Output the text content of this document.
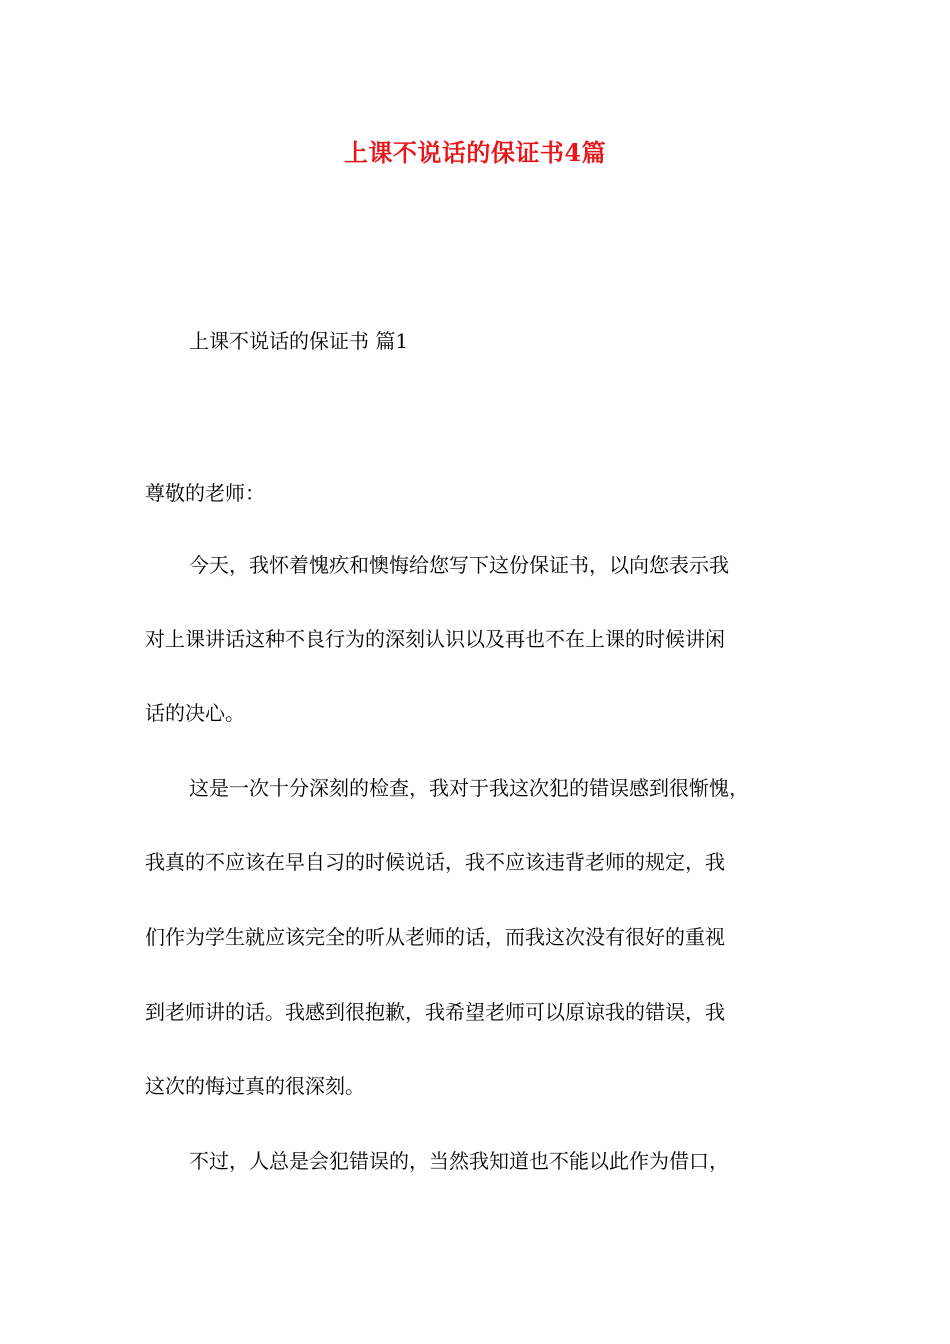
上课不说话的保证书4篇
上课不说话的保证书 篇1
尊敬的老师：
今天，我怀着愧疚和懊悔给您写下这份保证书，以向您表示我
对上课讲话这种不良行为的深刻认识以及再也不在上课的时候讲闲
话的决心。
这是一次十分深刻的检查，我对于我这次犯的错误感到很惭愧，
我真的不应该在早自习的时候说话，我不应该违背老师的规定，我
们作为学生就应该完全的听从老师的话，而我这次没有很好的重视
到老师讲的话。我感到很抱歉，我希望老师可以原谅我的错误，我
这次的悔过真的很深刻。
不过，人总是会犯错误的，当然我知道也不能以此作为借口，
